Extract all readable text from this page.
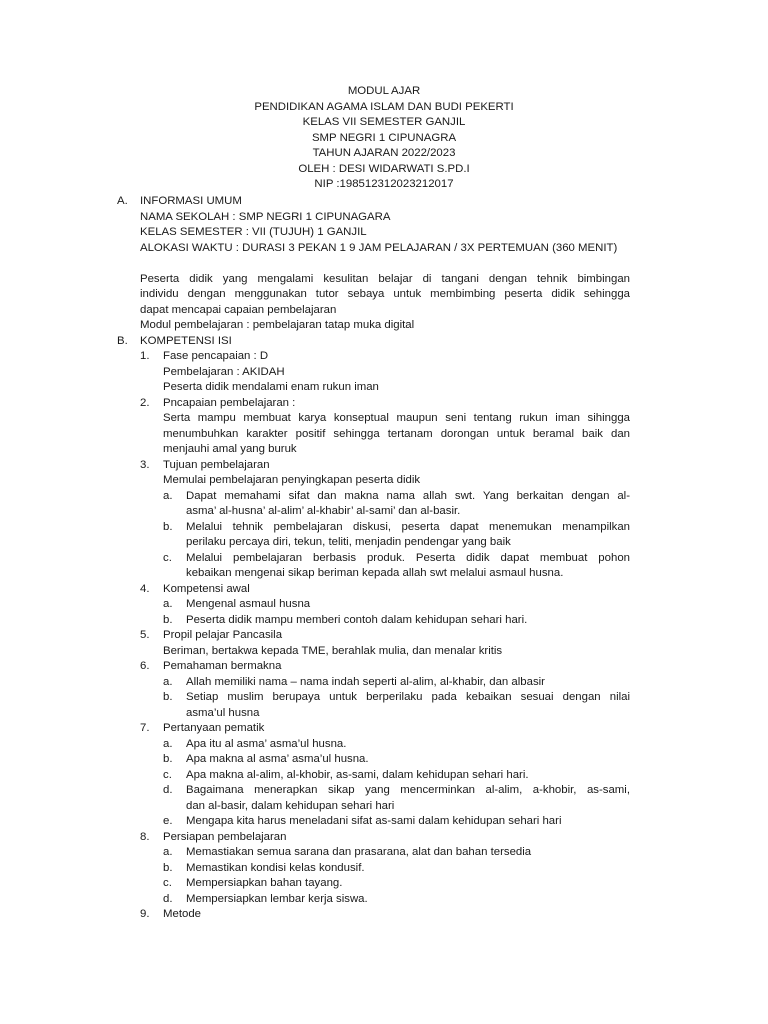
MODUL AJAR
PENDIDIKAN AGAMA ISLAM DAN BUDI PEKERTI
KELAS VII SEMESTER GANJIL
SMP NEGRI 1 CIPUNAGRA
TAHUN AJARAN 2022/2023
OLEH : DESI WIDARWATI S.PD.I
NIP :198512312023212017
A. INFORMASI UMUM
NAMA SEKOLAH : SMP NEGRI 1 CIPUNAGARA
KELAS SEMESTER : VII (TUJUH) 1 GANJIL
ALOKASI WAKTU : DURASI 3 PEKAN 1 9 JAM PELAJARAN / 3X PERTEMUAN (360 MENIT)
Peserta didik yang mengalami kesulitan belajar di tangani dengan tehnik bimbingan
individu dengan menggunakan tutor sebaya untuk membimbing peserta didik sehingga
dapat mencapai capaian pembelajaran
Modul pembelajaran : pembelajaran tatap muka digital
B. KOMPETENSI ISI
1. Fase pencapaian : D
Pembelajaran : AKIDAH
Peserta didik mendalami enam rukun iman
2. Pncapaian pembelajaran :
Serta mampu membuat karya konseptual maupun seni tentang rukun iman sihingga
menumbuhkan karakter positif sehingga tertanam dorongan untuk beramal baik dan
menjauhi amal yang buruk
3. Tujuan pembelajaran
Memulai pembelajaran penyingkapan peserta didik
a. Dapat memahami sifat dan makna nama allah swt. Yang berkaitan dengan al-
asma’ al-husna’ al-alim’ al-khabir’ al-sami’ dan al-basir.
b. Melalui tehnik pembelajaran diskusi, peserta dapat menemukan menampilkan
perilaku percaya diri, tekun, teliti, menjadin pendengar yang baik
c. Melalui pembelajaran berbasis produk. Peserta didik dapat membuat pohon
kebaikan mengenai sikap beriman kepada allah swt melalui asmaul husna.
4. Kompetensi awal
a. Mengenal asmaul husna
b. Peserta didik mampu memberi contoh dalam kehidupan sehari hari.
5. Propil pelajar Pancasila
Beriman, bertakwa kepada TME, berahlak mulia, dan menalar kritis
6. Pemahaman bermakna
a. Allah memiliki nama – nama indah seperti al-alim, al-khabir, dan albasir
b. Setiap muslim berupaya untuk berperilaku pada kebaikan sesuai dengan nilai
asma’ul husna
7. Pertanyaan pematik
a. Apa itu al asma’ asma’ul husna.
b. Apa makna al asma’ asma’ul husna.
c. Apa makna al-alim, al-khobir, as-sami, dalam kehidupan sehari hari.
d. Bagaimana menerapkan sikap yang mencerminkan al-alim, a-khobir, as-sami,
dan al-basir, dalam kehidupan sehari hari
e. Mengapa kita harus meneladani sifat as-sami dalam kehidupan sehari hari
8. Persiapan pembelajaran
a. Memastiakan semua sarana dan prasarana, alat dan bahan tersedia
b. Memastikan kondisi kelas kondusif.
c. Mempersiapkan bahan tayang.
d. Mempersiapkan lembar kerja siswa.
9. Metode
